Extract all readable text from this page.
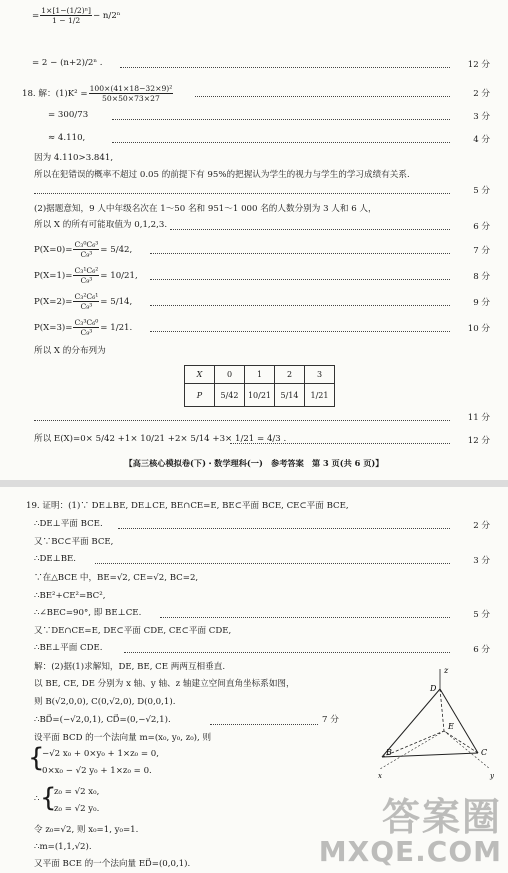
= $\frac{\text{1×[1−(1/2)ⁿ]}}{1 - 1/2} - n/2^n$
= 2 − (n+2)/2ⁿ .	12 分
18. 解：$(1)K^2 = \frac{\text{100×(41×18−32×9)²}}{50\times 50\times 73\times 27}$	2 分
= 300/73	3 分
≈ 4.110,	4 分
因为 4.110>3.841,
所以在犯错误的概率不超过 0.05 的前提下有 95%的把握认为学生的视力与学生的学习成绩有关系.
5 分
(2)据题意知，9 人中年级名次在 1～50 名和 951～1 000 名的人数分别为 3 人和 6 人，
所以 X 的所有可能取值为 0,1,2,3.	6 分
$P(X=0)= \frac{\text{C₃⁰C₆³}}{\text{C₉³}} = 5/42$,	7 分
$P(X=1)= \frac{\text{C₃¹C₆²}}{\text{C₉³}} = 10/21$,	8 分
$P(X=2)= \frac{\text{C₃²C₆¹}}{\text{C₉³}} = 5/14$,	9 分
$P(X=3)= \frac{\text{C₃³C₆⁰}}{\text{C₉³}} = 1/21$.	10 分
所以 X 的分布列为
X	0	1	2	3
P	5/42	10/21	5/14	1/21
11 分
所以 E(X)=0× 5/42 +1× 10/21 +2× 5/14 +3× 1/21 = 4/3 .	12 分
【高三核心模拟卷(下)・数学理科(一)　参考答案　第 3 页(共 6 页)】
19. 证明：(1)∵ DE⊥BE, DE⊥CE, BE∩CE=E, BE⊂平面 BCE, CE⊂平面 BCE,
∴DE⊥平面 BCE.	2 分
又∵BC⊂平面 BCE,
∴DE⊥BE.	3 分
∵在△BCE 中，BE=√2, CE=√2, BC=2,
∴BE²+CE²=BC²,
∴∠BEC=90°, 即 BE⊥CE.	5 分
又∵DE∩CE=E, DE⊂平面 CDE, CE⊂平面 CDE,
∴BE⊥平面 CDE.	6 分
解：(2)据(1)求解知，DE, BE, CE 两两互相垂直.
以 BE, CE, DE 分别为 x 轴、y 轴、z 轴建立空间直角坐标系如图，
则 B(√2,0,0), C(0,√2,0), D(0,0,1).
∴BD⃗=(−√2,0,1), CD⃗=(0,−√2,1).	7 分
设平面 BCD 的一个法向量 m=(x₀, y₀, z₀), 则
{
−√2 x₀ + 0×y₀ + 1×z₀ = 0,
0×x₀ − √2 y₀ + 1×z₀ = 0.
∴ {
z₀ = √2 x₀,
z₀ = √2 y₀.
令 z₀=√2, 则 x₀=1, y₀=1.
∴m=(1,1,√2).
又平面 BCE 的一个法向量 ED⃗=(0,0,1).
z
D
E
B	C
x	y
答案圈
MXQE.COM
